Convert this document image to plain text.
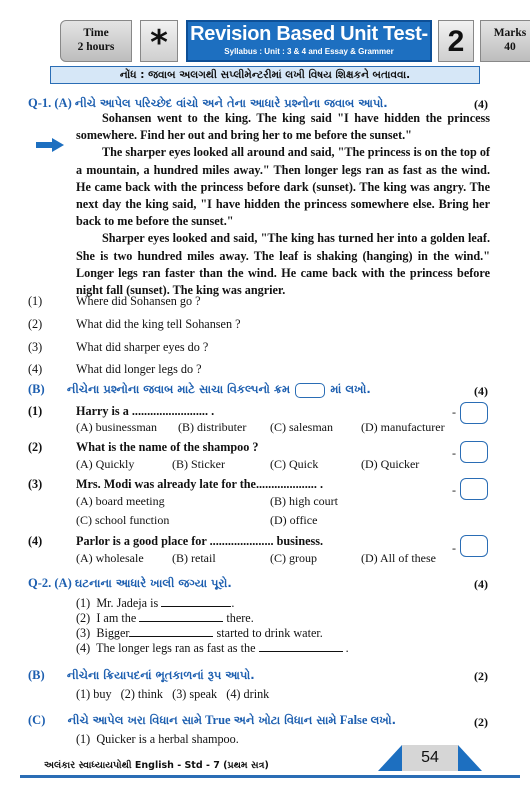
Time
2 hours	*	Revision Based Unit Test-
Syllabus : Unit : 3 & 4 and Essay & Grammer	2	Marks
40
નોંધ : જવાબ અલગથી સપ્લીમેન્ટરીમાં લખી વિષય શિક્ષકને બતાવવા.
Q-1. (A) નીચે આપેલ પરિચ્છેદ વાંચો અને તેના આધારે પ્રશ્નોના જવાબ આપો.	(4)

Sohansen went to the king. The king said "I have hidden the princess somewhere. Find her out and bring her to me before the sunset."

The sharper eyes looked all around and said, "The princess is on the top of a mountain, a hundred miles away." Then longer legs ran as fast as the wind. He came back with the princess before dark (sunset). The king was angry. The next day the king said, "I have hidden the princess somewhere else. Bring her back to me before the sunset."

Sharper eyes looked and said, "The king has turned her into a golden leaf. She is two hundred miles away. The leaf is shaking (hanging) in the wind." Longer legs ran faster than the wind. He came back with the princess before night fall (sunset). The king was angrier.

(1)	Where did Sohansen go ?
(2)	What did the king tell Sohansen ?
(3)	What did sharper eyes do ?
(4)	What did longer legs do ?
(B) નીચેના પ્રશ્નોના જવાબ માટે સાચા વિકલ્પનો ક્રમ	માં લખો.	(4)
(1)	Harry is a ......................... .
(A) businessman (B) distributer (C) salesman (D) manufacturer
-
(2)	What is the name of the shampoo ?
(A) Quickly	(B) Sticker	(C) Quick	(D) Quicker
-
(3)	Mrs. Modi was already late for the.................... .
(A) board meeting	(B) high court
(C) school function	(D) office
-
(4)	Parlor is a good place for ..................... business.
(A) wholesale (B) retail	(C) group	(D) All of these
-
Q-2. (A) ઘટનાના આધારે ખાલી જગ્યા પૂરો.	(4)
(1) Mr. Jadeja is	.
(2) I am the	there.
(3) Bigger	started to drink water.
(4) The longer legs ran as fast as the	.
(B) નીચેના ક્રિયાપદનાં ભૂતકાળનાં રૂપ આપો.	(2)
(1) buy   (2) think   (3) speak   (4) drink
(C) નીચે આપેલ ખરા વિધાન સામે True અને ખોટા વિધાન સામે False લખો.	(2)
(1) Quicker is a herbal shampoo.
અલંકાર સ્વાધ્યાયપોથી English - Std - 7 (પ્રથમ સત્ર)	54
